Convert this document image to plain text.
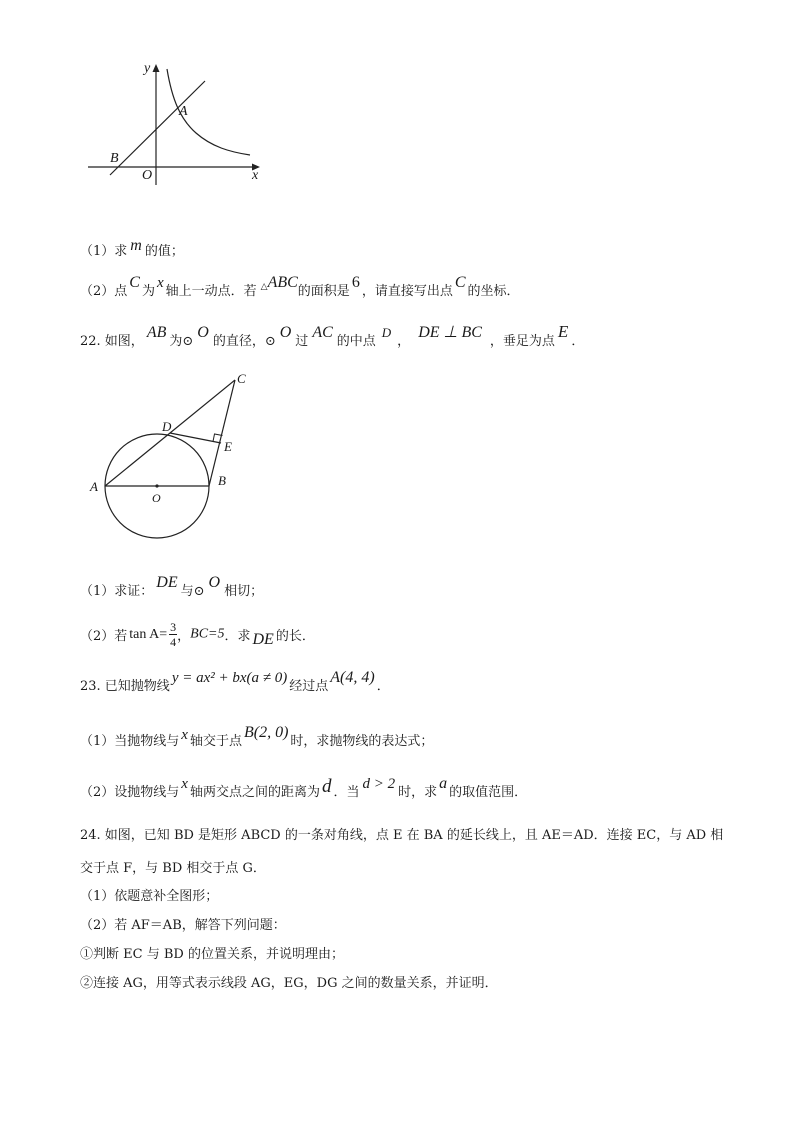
y
x
A
B
O
（1）求 m 的值；
（2）点C为x轴上一动点．若 △ABC的面积是6，请直接写出点C的坐标．
22. 如图，AB为⊙O的直径，⊙O过AC的中点D，DE ⊥ BC，垂足为点E．
C
D
E
A	B
O
（1）求证：DE与⊙O相切；
（2）若 $\tan A= \frac{3}{4}$ ，BC=5．求 DE 的长．
23. 已知抛物线y = ax² + bx(a ≠ 0)经过点A(4, 4)．
（1）当抛物线与 x 轴交于点B(2, 0)时，求抛物线的表达式；
（2）设抛物线与x轴两交点之间的距离为 d ．当d > 2时，求a的取值范围．
24. 如图，已知 BD 是矩形 ABCD 的一条对角线，点 E 在 BA 的延长线上，且 AE＝AD．连接 EC，与 AD 相
交于点 F，与 BD 相交于点 G．
（1）依题意补全图形；
（2）若 AF＝AB，解答下列问题：
①判断 EC 与 BD 的位置关系，并说明理由；
②连接 AG，用等式表示线段 AG，EG，DG 之间的数量关系，并证明．
